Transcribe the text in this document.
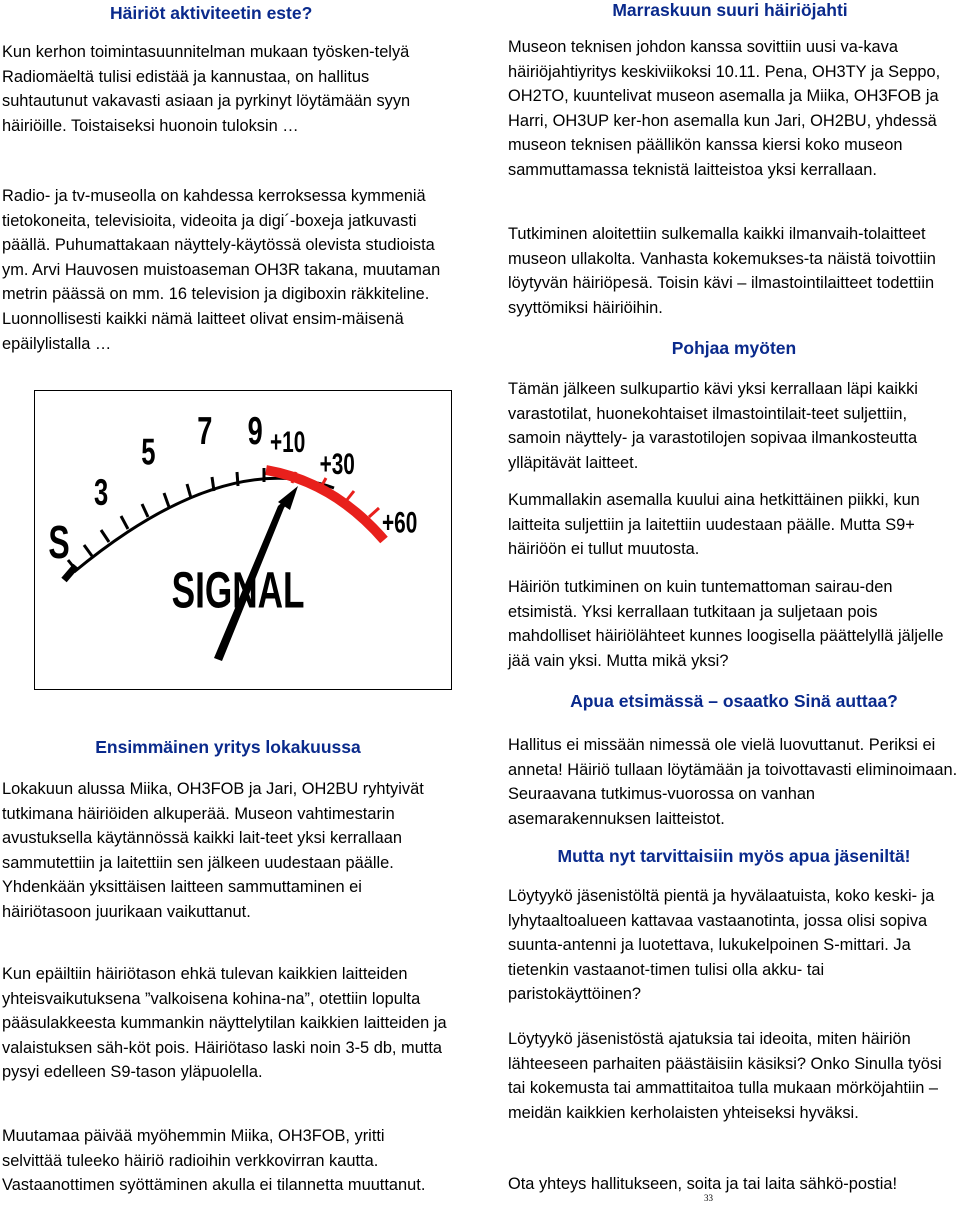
Häiriöt aktiviteetin este?

Kun kerhon toimintasuunnitelman mukaan työsken-telyä Radiomäeltä tulisi edistää ja kannustaa, on hallitus suhtautunut vakavasti asiaan ja pyrkinyt löytämään syyn häiriöille. Toistaiseksi huonoin tuloksin …

Radio- ja tv-museolla on kahdessa kerroksessa kymmeniä tietokoneita, televisioita, videoita ja digi´-boxeja jatkuvasti päällä. Puhumattakaan näyttely-käytössä olevista studioista ym. Arvi Hauvosen muistoaseman OH3R takana, muutaman metrin päässä on mm. 16 television ja digiboxin räkkiteline. Luonnollisesti kaikki nämä laitteet olivat ensim-mäisenä epäilylistalla …

S
3
5 7 9 +10
+30
+60
SIGNAL
Ensimmäinen yritys lokakuussa

Lokakuun alussa Miika, OH3FOB ja Jari, OH2BU ryhtyivät tutkimana häiriöiden alkuperää. Museon vahtimestarin avustuksella käytännössä kaikki lait-teet yksi kerrallaan sammutettiin ja laitettiin sen jälkeen uudestaan päälle. Yhdenkään yksittäisen laitteen sammuttaminen ei häiriötasoon juurikaan vaikuttanut.

Kun epäiltiin häiriötason ehkä tulevan kaikkien laitteiden yhteisvaikutuksena ”valkoisena kohina-na”, otettiin lopulta pääsulakkeesta kummankin näyttelytilan kaikkien laitteiden ja valaistuksen säh-köt pois. Häiriötaso laski noin 3-5 db, mutta pysyi edelleen S9-tason yläpuolella.

Muutamaa päivää myöhemmin Miika, OH3FOB, yritti selvittää tuleeko häiriö radioihin verkkovirran kautta. Vastaanottimen syöttäminen akulla ei tilannetta muuttanut.

Marraskuun suuri häiriöjahti

Museon teknisen johdon kanssa sovittiin uusi va-kava häiriöjahtiyritys keskiviikoksi 10.11. Pena, OH3TY ja Seppo, OH2TO, kuuntelivat museon asemalla ja Miika, OH3FOB ja Harri, OH3UP ker-hon asemalla kun Jari, OH2BU, yhdessä museon teknisen päällikön kanssa kiersi koko museon sammuttamassa teknistä laitteistoa yksi kerrallaan.

Tutkiminen aloitettiin sulkemalla kaikki ilmanvaih-tolaitteet museon ullakolta. Vanhasta kokemukses-ta näistä toivottiin löytyvän häiriöpesä. Toisin kävi – ilmastointilaitteet todettiin syyttömiksi häiriöihin.

Pohjaa myöten

Tämän jälkeen sulkupartio kävi yksi kerrallaan läpi kaikki varastotilat, huonekohtaiset ilmastointilait-teet suljettiin, samoin näyttely- ja varastotilojen sopivaa ilmankosteutta ylläpitävät laitteet.

Kummallakin asemalla kuului aina hetkittäinen piikki, kun laitteita suljettiin ja laitettiin uudestaan päälle. Mutta S9+ häiriöön ei tullut muutosta.

Häiriön tutkiminen on kuin tuntemattoman sairau-den etsimistä. Yksi kerrallaan tutkitaan ja suljetaan pois mahdolliset häiriölähteet kunnes loogisella päättelyllä jäljelle jää vain yksi. Mutta mikä yksi?

Apua etsimässä – osaatko Sinä auttaa?

Hallitus ei missään nimessä ole vielä luovuttanut. Periksi ei anneta! Häiriö tullaan löytämään ja toivottavasti eliminoimaan. Seuraavana tutkimus-vuorossa on vanhan asemarakennuksen laitteistot.

Mutta nyt tarvittaisiin myös apua jäseniltä!

Löytyykö jäsenistöltä pientä ja hyvälaatuista, koko keski- ja lyhytaaltoalueen kattavaa vastaanotinta, jossa olisi sopiva suunta-antenni ja luotettava, lukukelpoinen S-mittari. Ja tietenkin vastaanot-timen tulisi olla akku- tai paristokäyttöinen?

Löytyykö jäsenistöstä ajatuksia tai ideoita, miten häiriön lähteeseen parhaiten päästäisiin käsiksi? Onko Sinulla työsi tai kokemusta tai ammattitaitoa tulla mukaan mörköjahtiin – meidän kaikkien kerholaisten yhteiseksi hyväksi.

Ota yhteys hallitukseen, soita ja tai laita sähkö-postia!

33
